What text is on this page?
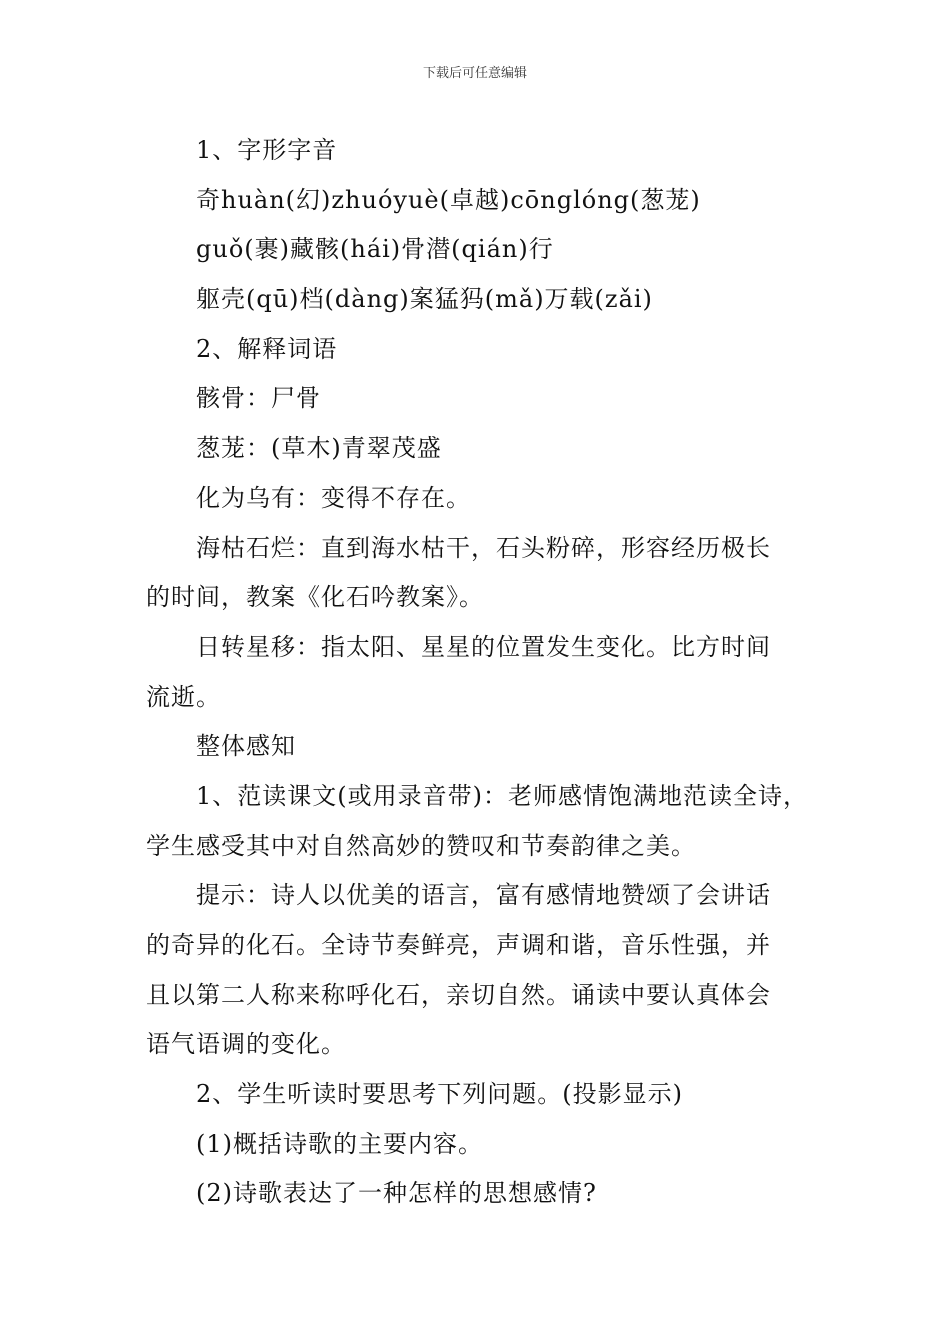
下载后可任意编辑
1、字形字音
奇huàn(幻)zhuóyuè(卓越)cōnglóng(葱茏)
guǒ(裹)藏骸(hái)骨潜(qián)行
躯壳(qū)档(dàng)案猛犸(mǎ)万载(zǎi)
2、解释词语
骸骨：尸骨
葱茏：(草木)青翠茂盛
化为乌有：变得不存在。
海枯石烂：直到海水枯干，石头粉碎，形容经历极长
的时间，教案《化石吟教案》。
日转星移：指太阳、星星的位置发生变化。比方时间
流逝。
整体感知
1、范读课文(或用录音带)：老师感情饱满地范读全诗，
学生感受其中对自然高妙的赞叹和节奏韵律之美。
提示：诗人以优美的语言，富有感情地赞颂了会讲话
的奇异的化石。全诗节奏鲜亮，声调和谐，音乐性强，并
且以第二人称来称呼化石，亲切自然。诵读中要认真体会
语气语调的变化。
2、学生听读时要思考下列问题。(投影显示)
(1)概括诗歌的主要内容。
(2)诗歌表达了一种怎样的思想感情?
